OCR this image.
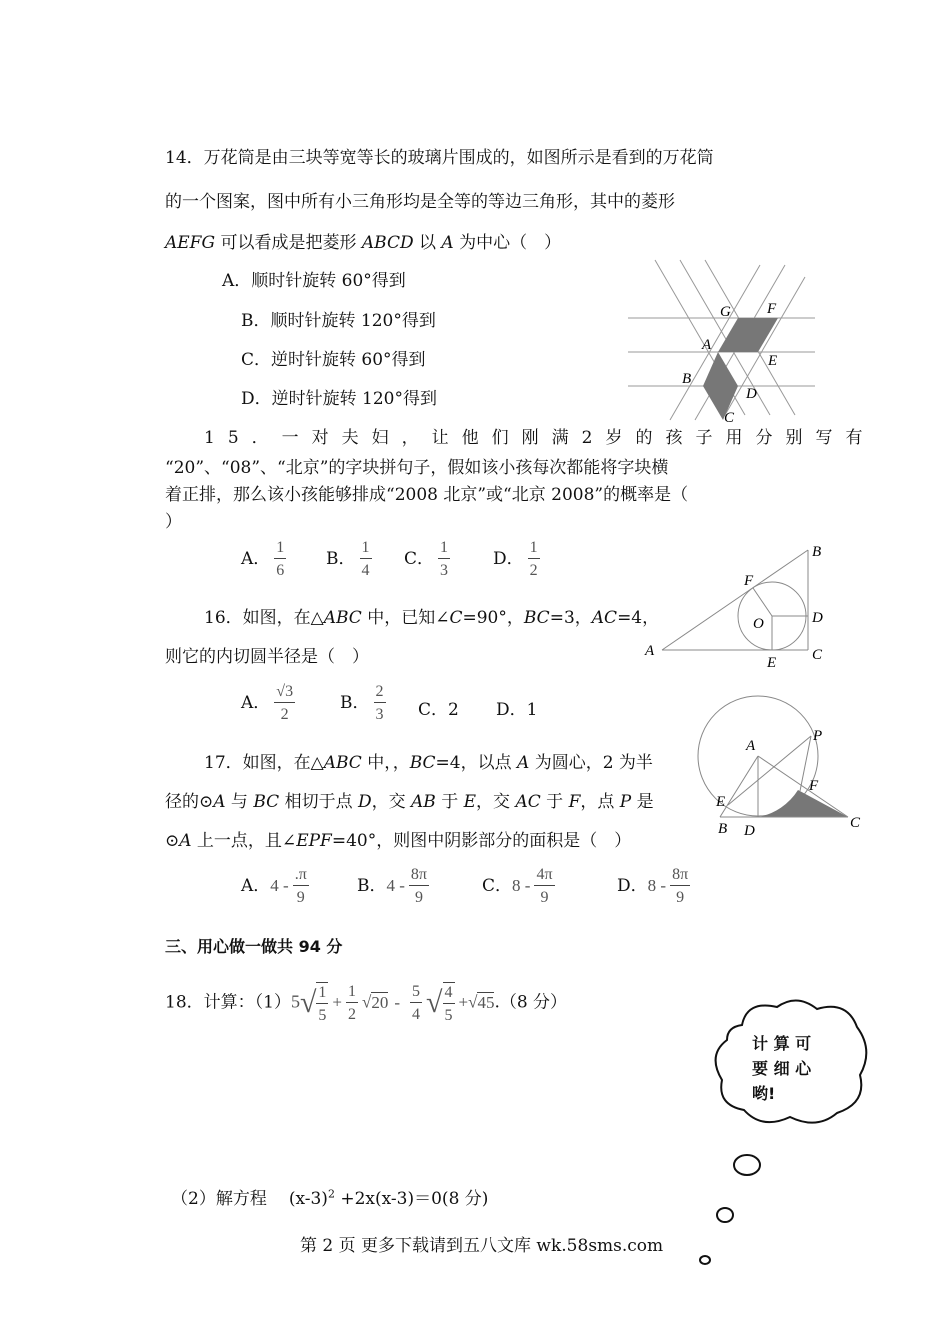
14．万花筒是由三块等宽等长的玻璃片围成的，如图所示是看到的万花筒
的一个图案，图中所有小三角形均是全等的等边三角形，其中的菱形
AEFG 可以看成是把菱形 ABCD 以 A 为中心（　）
A．顺时针旋转 60°得到
B．顺时针旋转 120°得到
C．逆时针旋转 60°得到
D．逆时针旋转 120°得到
G F
A
E
B
D
C
15．一对夫妇，让他们刚满2岁的孩子用分别写有
“20”、“08”、“北京”的字块拼句子，假如该小孩每次都能将字块横
着正排，那么该小孩能够排成“2008 北京”或“北京 2008”的概率是（
）
A． $\frac{1}{6}$ B． $\frac{1}{4}$ C． $\frac{1}{3}$	D． $\frac{1}{2}$	B
F
D
O
A
E C
16．如图，在△ABC 中，已知∠C=90°，BC=3，AC=4，
则它的内切圆半径是（　）
A． $\frac{√3}{2}$	B． $\frac{2}{3}$ C．2 D．1
A
P
F
E
B D	C
17．如图，在△ABC 中，，BC=4，以点 A 为圆心，2 为半
径的⊙A 与 BC 相切于点 D，交 AB 于 E，交 AC 于 F，点 P 是
⊙A 上一点，且∠EPF=40°，则图中阴影部分的面积是（　）
A．$4 - \frac{.\pi}{9}$	B．$4 - \frac{8\pi}{9}$	C．$8 - \frac{4\pi}{9}$	D．$8 - \frac{8\pi}{9}$
三、用心做一做共 94 分
18．计算：$(1)5√ \frac{1}{5} + \frac{1}{2} √20 - \frac{5}{4}$ √ $\frac{4}{5} +√45.(8$ 分）
计 算 可
要 细 心
哟!
（2）解方程 $(x-3)^2 +2x(x-3)=0(8$ 分)
第 2 页 更多下载请到五八文库 wk.58sms.com
